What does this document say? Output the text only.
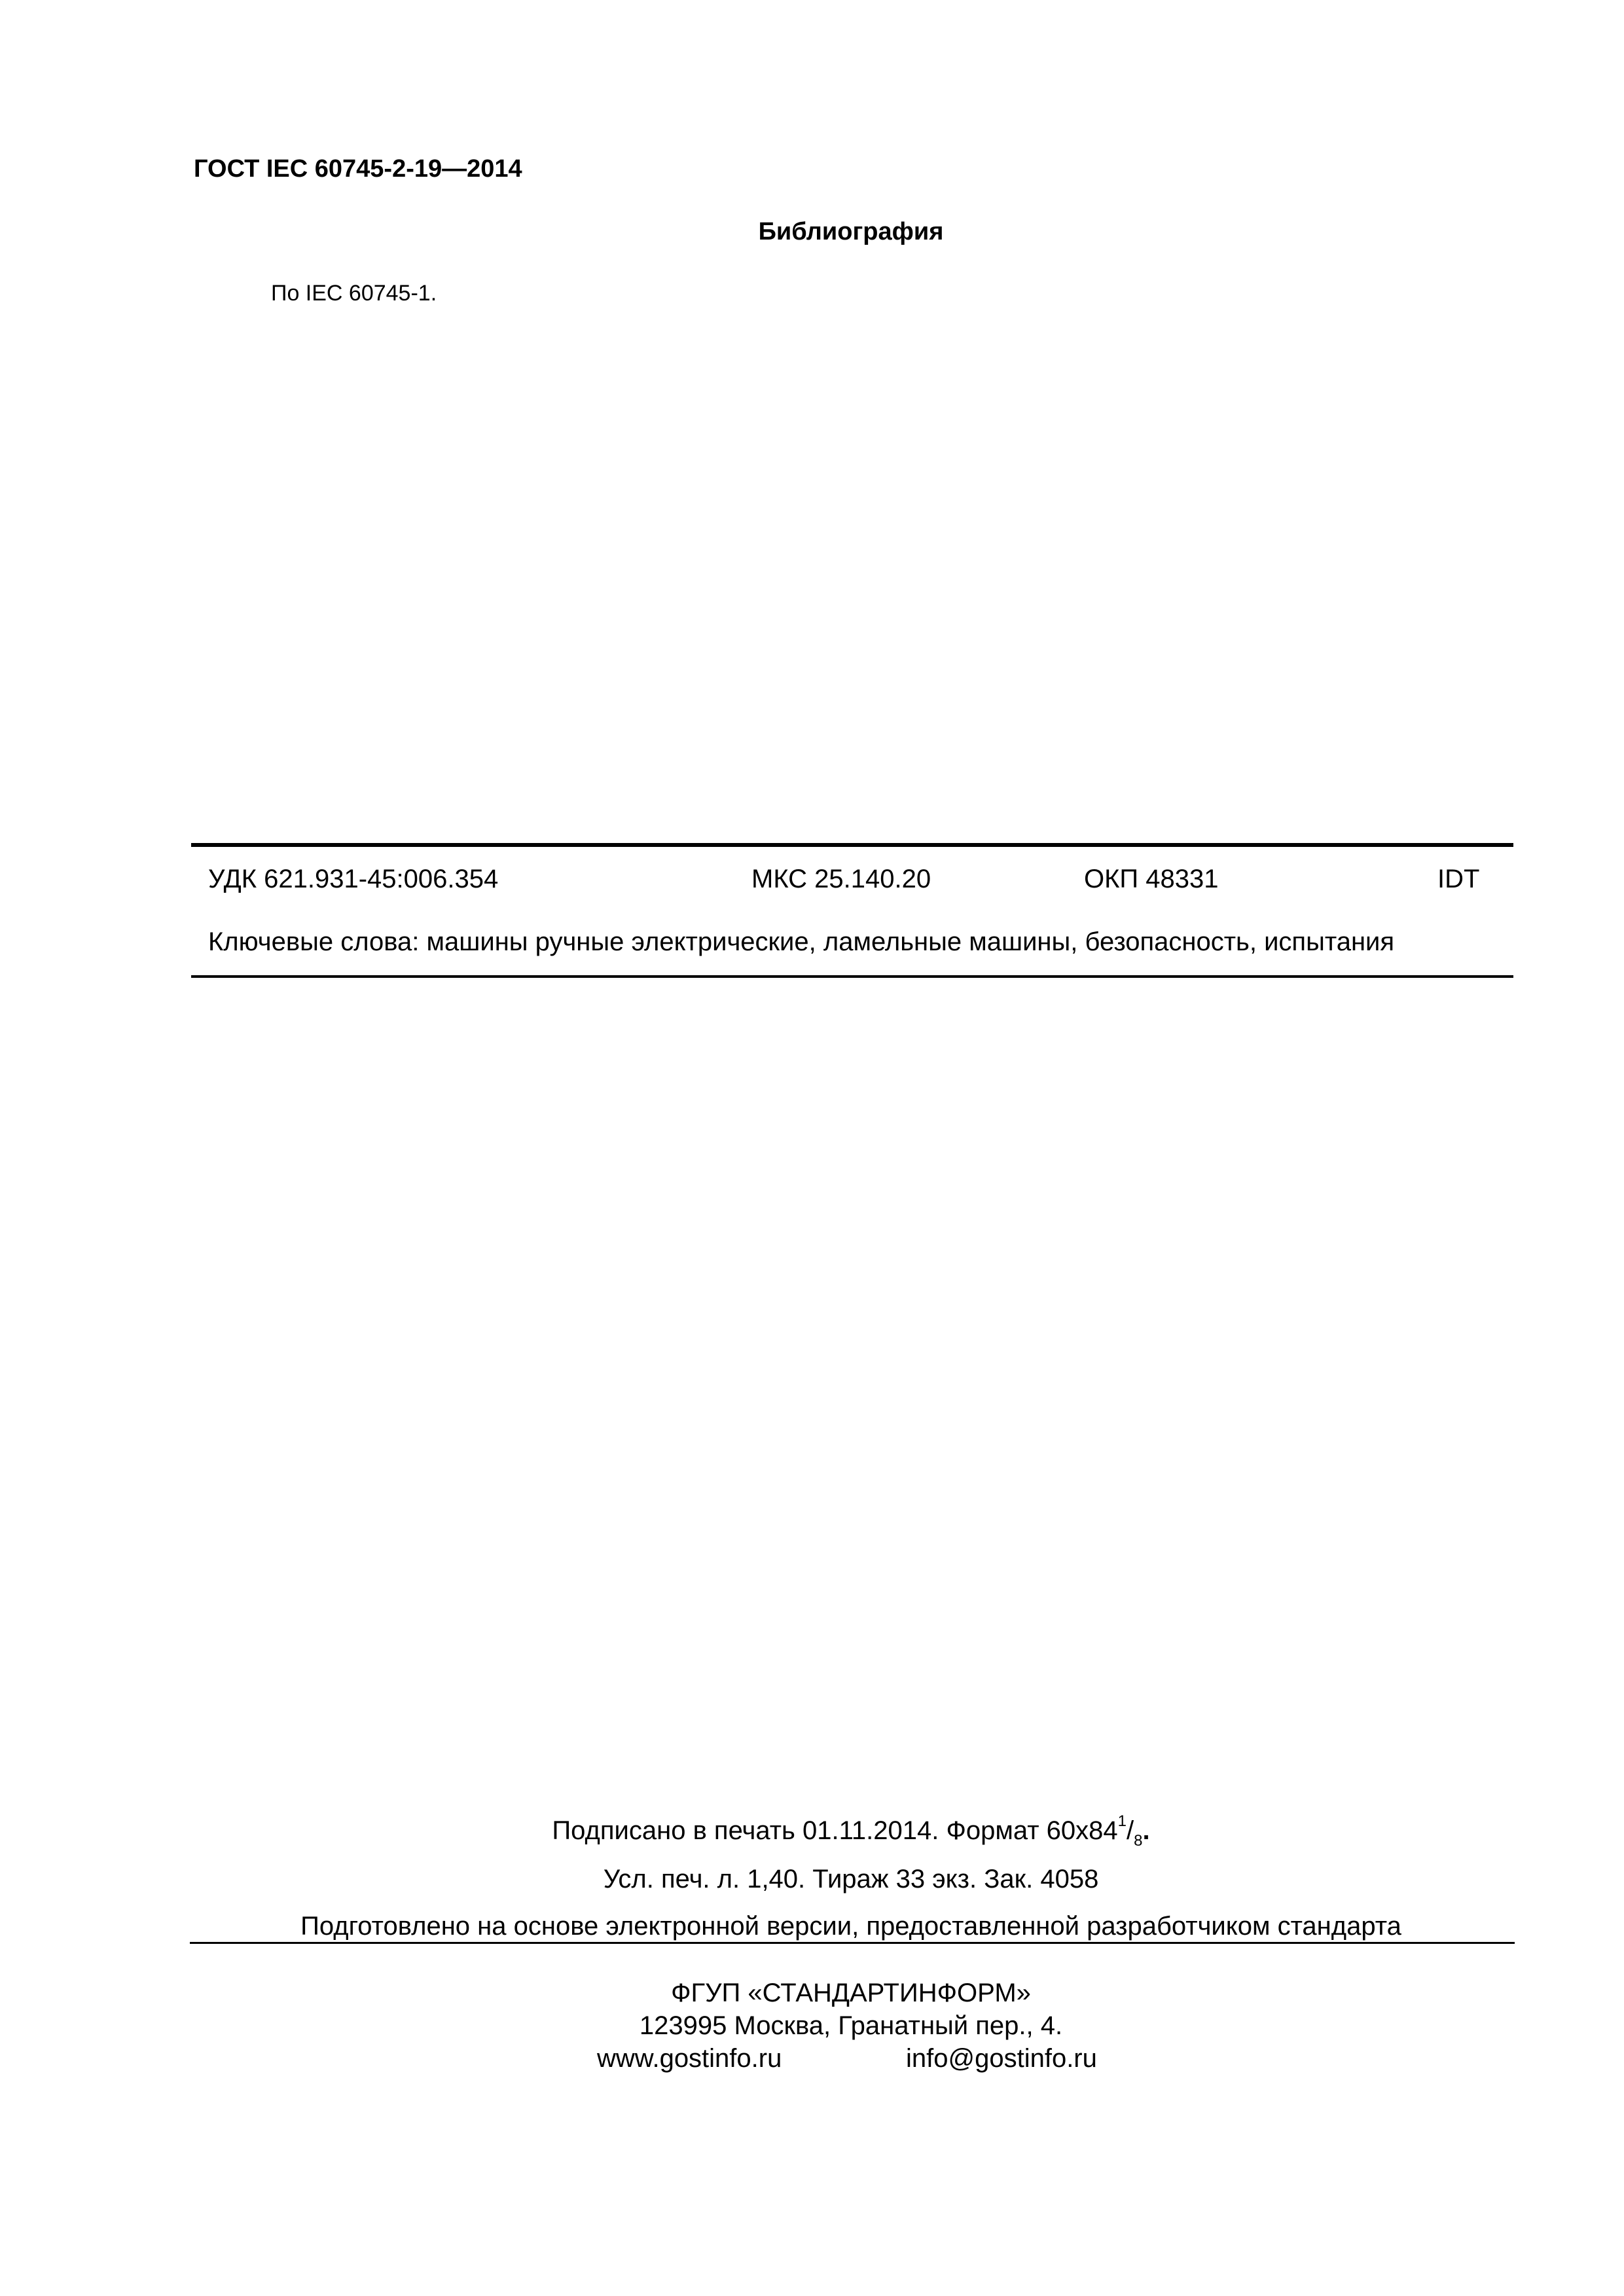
ГОСТ IEC 60745-2-19—2014
Библиография
По IEC 60745-1.
УДК 621.931-45:006.354	МКС 25.140.20	ОКП 48331	IDT
Ключевые слова: машины ручные электрические, ламельные машины, безопасность, испытания
Подписано в печать 01.11.2014. Формат $60x84^1/_8$.
Усл. печ. л. 1,40. Тираж 33 экз. Зак. 4058
Подготовлено на основе электронной версии, предоставленной разработчиком стандарта
ФГУП «СТАНДАРТИНФОРМ»
123995 Москва, Гранатный пер., 4.
www.gostinfo.ru	info@gostinfo.ru
